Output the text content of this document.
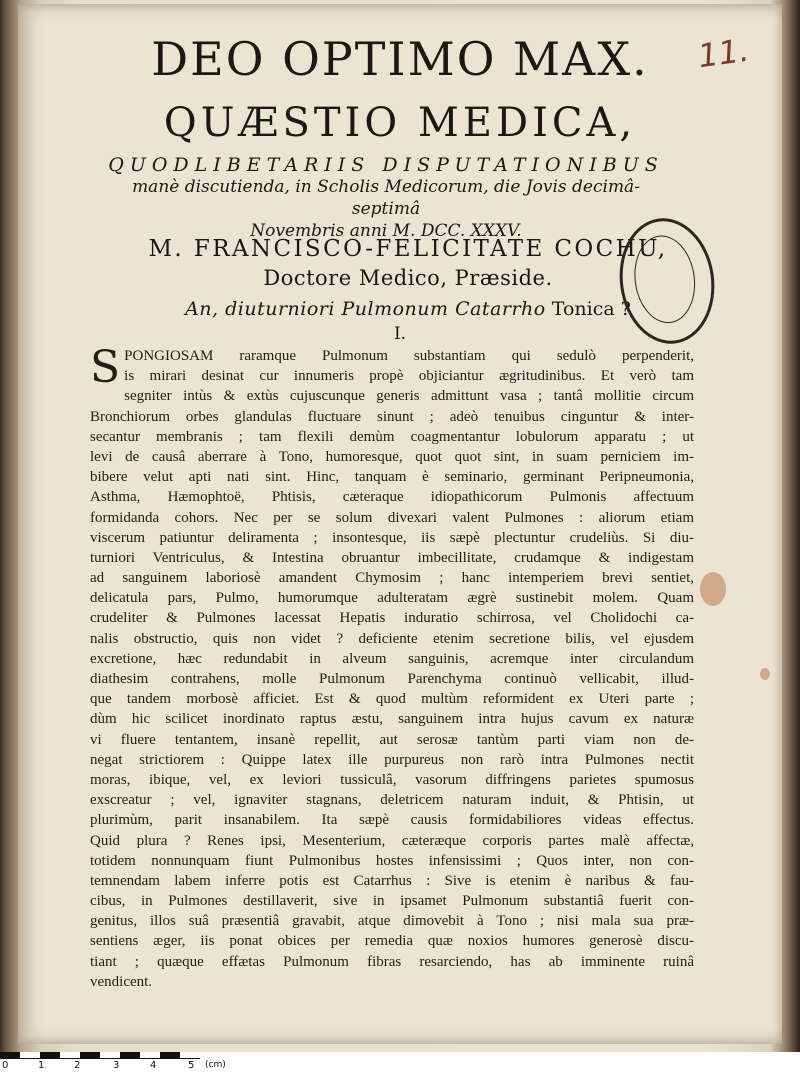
11.
DEO OPTIMO MAX.
QUÆSTIO MEDICA,
QUODLIBETARIIS DISPUTATIONIBUS
manè discutienda, in Scholis Medicorum, die Jovis decimâ-septimâ
Novembris anni M. DCC. XXXV.
M. FRANCISCO-FELICITATE COCHU,
Doctore Medico, Præside.
An, diuturniori Pulmonum Catarrho Tonica ?
I.
S PONGIOSAM raramque Pulmonum substantiam qui sedulò perpenderit,
is mirari desinat cur innumeris propè objiciantur ægritudinibus. Et verò tam
segniter intùs & extùs cujuscunque generis admittunt vasa ; tantâ mollitie circum
Bronchiorum orbes glandulas fluctuare sinunt ; adeò tenuibus cinguntur & inter-
secantur membranis ; tam flexili demùm coagmentantur lobulorum apparatu ; ut
levi de causâ aberrare à Tono, humoresque, quot quot sint, in suam perniciem im-
bibere velut apti nati sint. Hinc, tanquam è seminario, germinant Peripneumonia,
Asthma, Hæmophtoë, Phtisis, cæteraque idiopathicorum Pulmonis affectuum
formidanda cohors. Nec per se solum divexari valent Pulmones : aliorum etiam
viscerum patiuntur deliramenta ; insontesque, iis sæpè plectuntur crudeliùs. Si diu-
turniori Ventriculus, & Intestina obruantur imbecillitate, crudamque & indigestam
ad sanguinem laboriosè amandent Chymosim ; hanc intemperiem brevi sentiet,
delicatula pars, Pulmo, humorumque adulteratam ægrè sustinebit molem. Quam
crudeliter & Pulmones lacessat Hepatis induratio schirrosa, vel Cholidochi ca-
nalis obstructio, quis non videt ? deficiente etenim secretione bilis, vel ejusdem
excretione, hæc redundabit in alveum sanguinis, acremque inter circulandum
diathesim contrahens, molle Pulmonum Parenchyma continuò vellicabit, illud-
que tandem morbosè afficiet. Est & quod multùm reformident ex Uteri parte ;
dùm hic scilicet inordinato raptus æstu, sanguinem intra hujus cavum ex naturæ
vi fluere tentantem, insanè repellit, aut serosæ tantùm parti viam non de-
negat strictiorem : Quippe latex ille purpureus non rarò intra Pulmones nectit
moras, ibique, vel, ex leviori tussiculâ, vasorum diffringens parietes spumosus
exscreatur ; vel, ignaviter stagnans, deletricem naturam induit, & Phtisin, ut
plurimùm, parit insanabilem. Ita sæpè causis formidabiliores videas effectus.
Quid plura ? Renes ipsi, Mesenterium, cæteræque corporis partes malè affectæ,
totidem nonnunquam fiunt Pulmonibus hostes infensissimi ; Quos inter, non con-
temnendam labem inferre potis est Catarrhus : Sive is etenim è naribus & fau-
cibus, in Pulmones destillaverit, sive in ipsamet Pulmonum substantiâ fuerit con-
genitus, illos suâ præsentiâ gravabit, atque dimovebit à Tono ; nisi mala sua præ-
sentiens æger, iis ponat obices per remedia quæ noxios humores generosè discu-
tiant ; quæque effætas Pulmonum fibras resarciendo, has ab imminente ruinâ
vendicent.
0	1	2	3	4	5 (cm)
